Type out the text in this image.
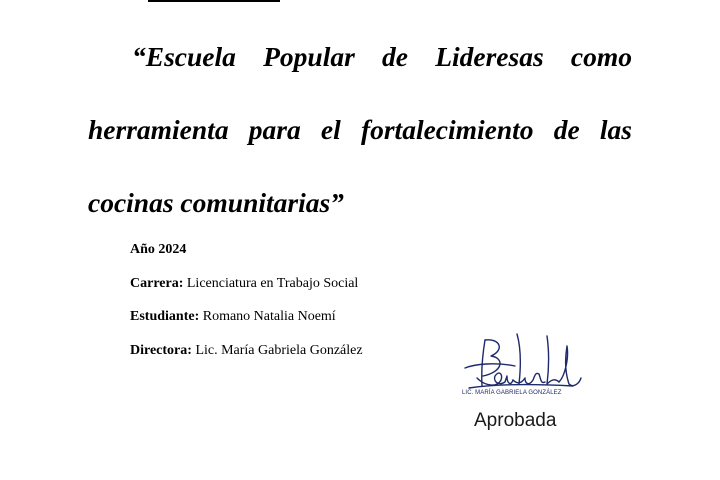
“Escuela Popular de Lideresas como herramienta para el fortalecimiento de las cocinas comunitarias”

Año 2024
Carrera: Licenciatura en Trabajo Social
Estudiante: Romano Natalia Noemí
Directora: Lic. María Gabriela González
LIC. MARÍA GABRIELA GONZÁLEZ
Aprobada
